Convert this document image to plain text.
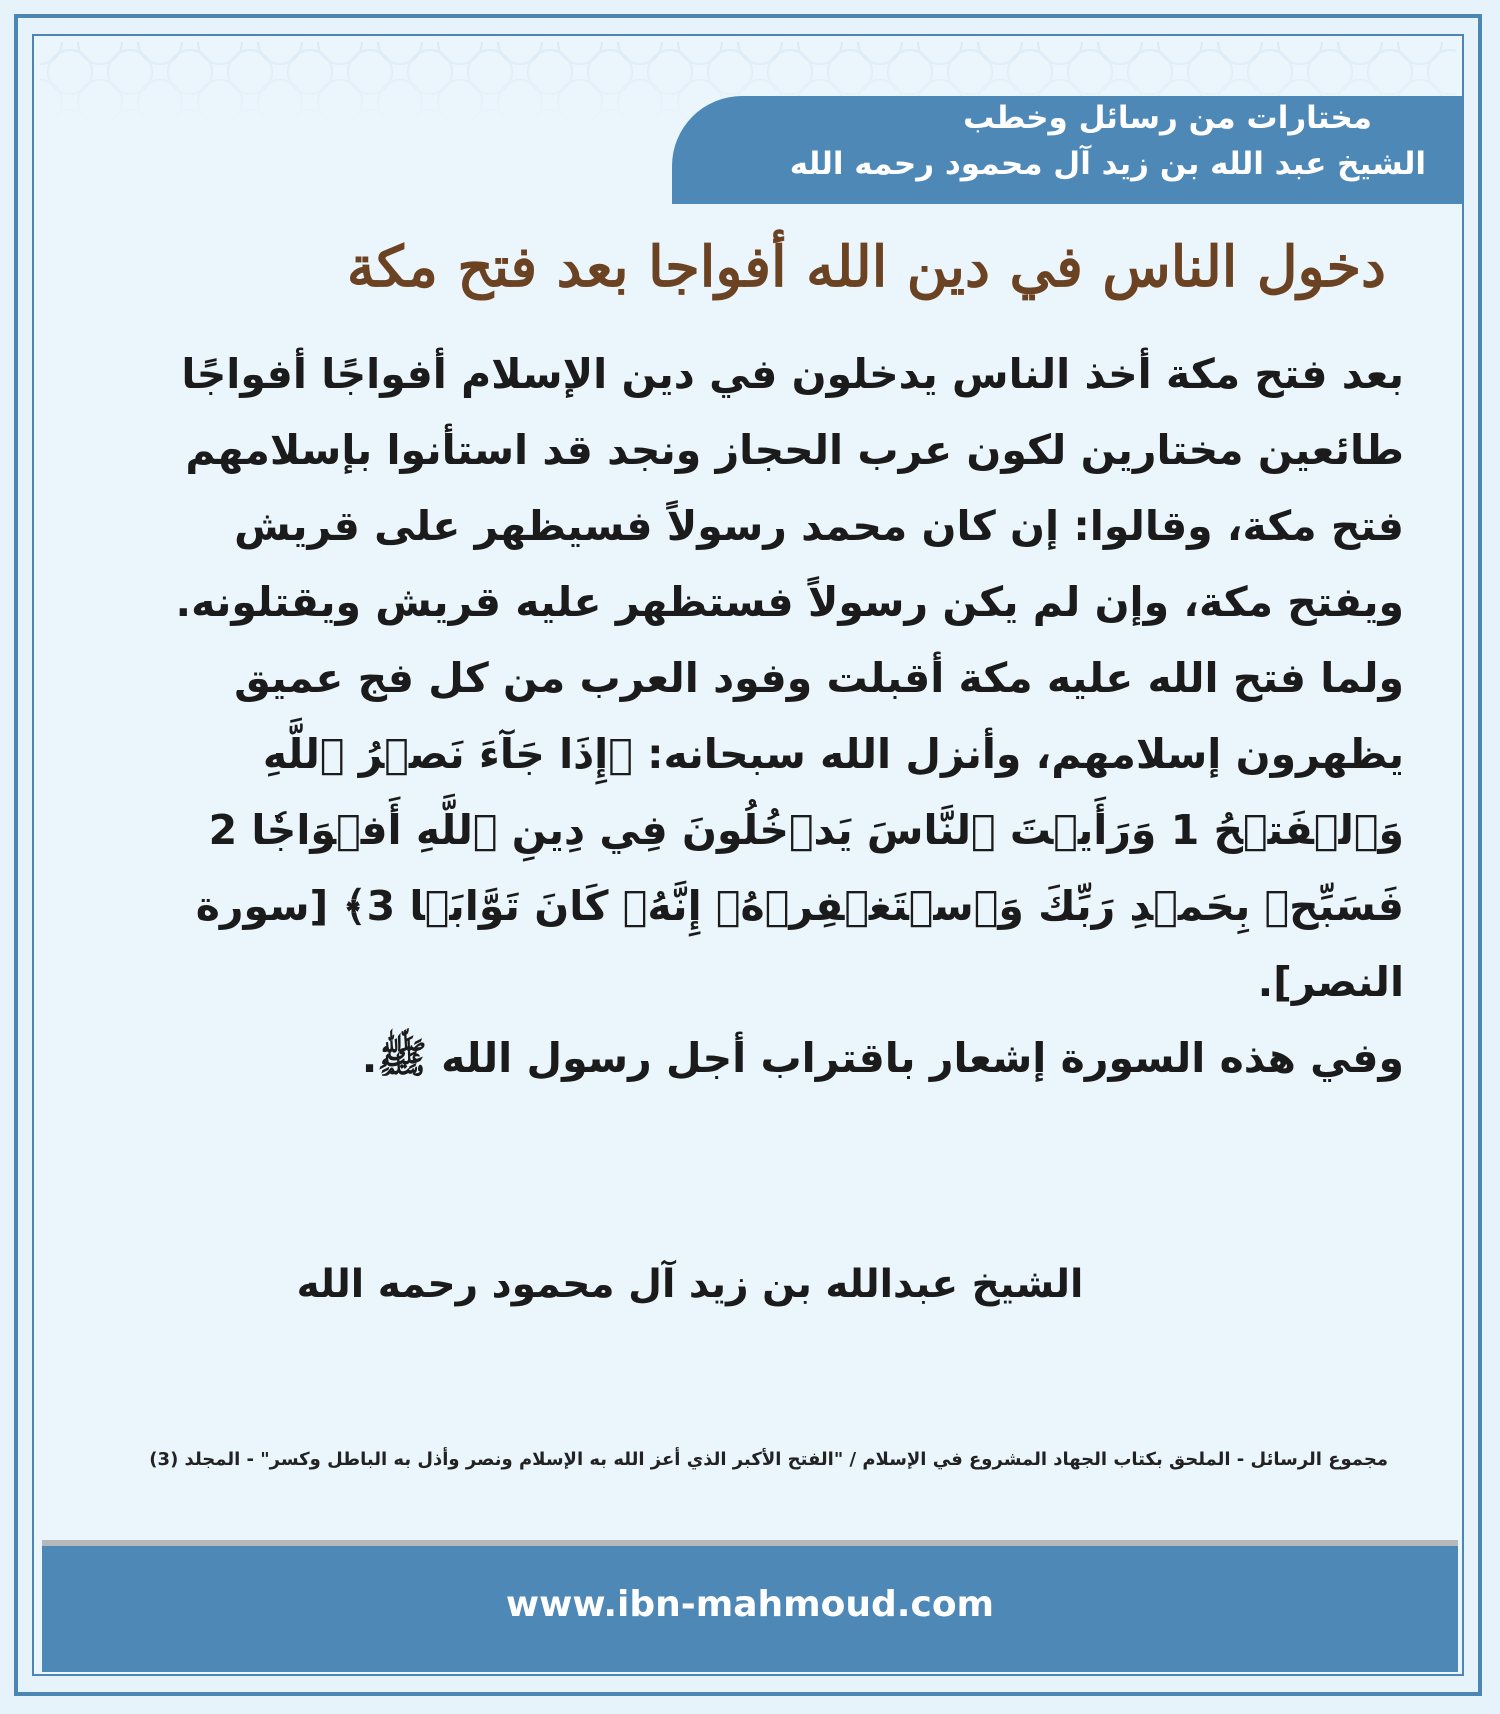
مختارات من رسائل وخطب
الشيخ عبد الله بن زيد آل محمود رحمه الله
دخول الناس في دين الله أفواجا بعد فتح مكة

بعد فتح مكة أخذ الناس يدخلون في دين الإسلام أفواجًا أفواجًا طائعين مختارين لكون عرب الحجاز ونجد قد استأنوا بإسلامهم فتح مكة، وقالوا: إن كان محمد رسولاً فسيظهر على قريش ويفتح مكة، وإن لم يكن رسولاً فستظهر عليه قريش ويقتلونه.

ولما فتح الله عليه مكة أقبلت وفود العرب من كل فج عميق يظهرون إسلامهم، وأنزل الله سبحانه: ﴿إِذَا جَآءَ نَصۡرُ ٱللَّهِ وَٱلۡفَتۡحُ 1 وَرَأَيۡتَ ٱلنَّاسَ يَدۡخُلُونَ فِي دِينِ ٱللَّهِ أَفۡوَاجٗا 2 فَسَبِّحۡ بِحَمۡدِ رَبِّكَ وَٱسۡتَغۡفِرۡهُۚ إِنَّهُۥ كَانَ تَوَّابَۢا 3﴾ [سورة النصر].

وفي هذه السورة إشعار باقتراب أجل رسول الله ﷺ.

الشيخ عبدالله بن زيد آل محمود رحمه الله
مجموع الرسائل - الملحق بكتاب الجهاد المشروع في الإسلام / "الفتح الأكبر الذي أعز الله به الإسلام ونصر وأذل به الباطل وكسر" - المجلد (3)
www.ibn-mahmoud.com
